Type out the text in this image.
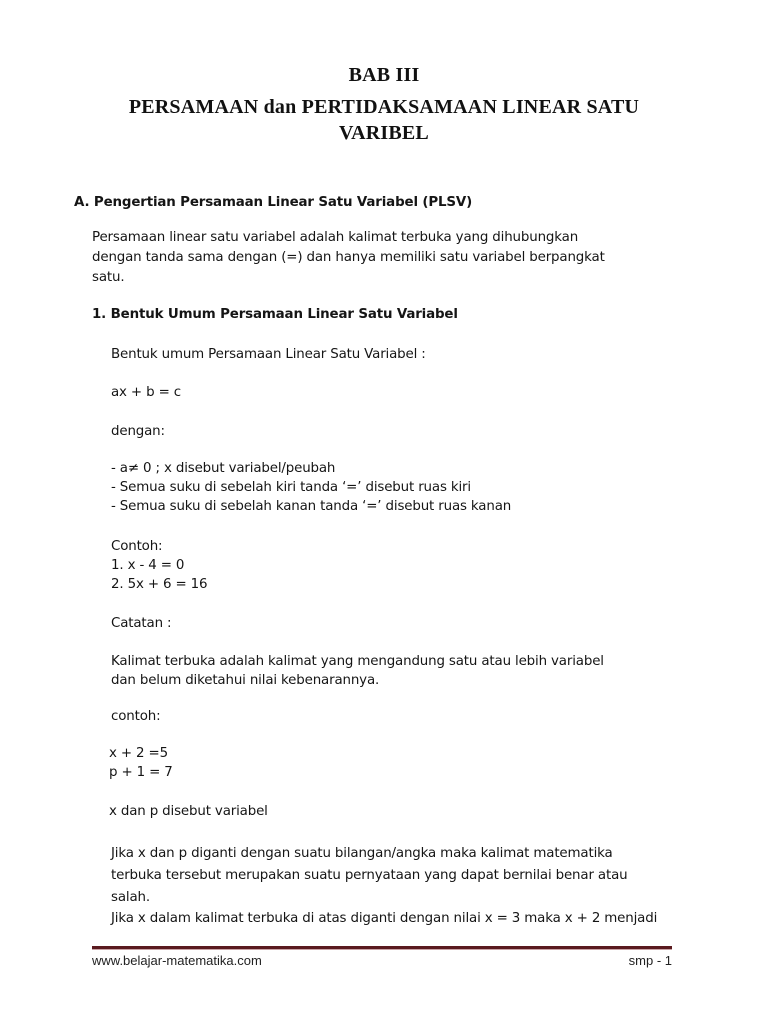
BAB III
PERSAMAAN dan PERTIDAKSAMAAN LINEAR SATU
VARIBEL
A. Pengertian Persamaan Linear Satu Variabel (PLSV)
Persamaan linear satu variabel adalah kalimat terbuka yang dihubungkan
dengan tanda sama dengan (=) dan hanya memiliki satu variabel berpangkat
satu.
1. Bentuk Umum Persamaan Linear Satu Variabel
Bentuk umum Persamaan Linear Satu Variabel :
ax + b = c
dengan:
- a≠ 0 ; x disebut variabel/peubah
- Semua suku di sebelah kiri tanda ‘=’ disebut ruas kiri
- Semua suku di sebelah kanan tanda ‘=’ disebut ruas kanan
Contoh:
1. x - 4 = 0
2. 5x + 6 = 16
Catatan :
Kalimat terbuka adalah kalimat yang mengandung satu atau lebih variabel
dan belum diketahui nilai kebenarannya.
contoh:
x + 2 =5
p + 1 = 7
x dan p disebut variabel
Jika x dan p diganti dengan suatu bilangan/angka maka kalimat matematika
terbuka tersebut merupakan suatu pernyataan yang dapat bernilai benar atau
salah.
Jika x dalam kalimat terbuka di atas diganti dengan nilai x = 3 maka x + 2 menjadi
www.belajar-matematika.com	smp - 1
